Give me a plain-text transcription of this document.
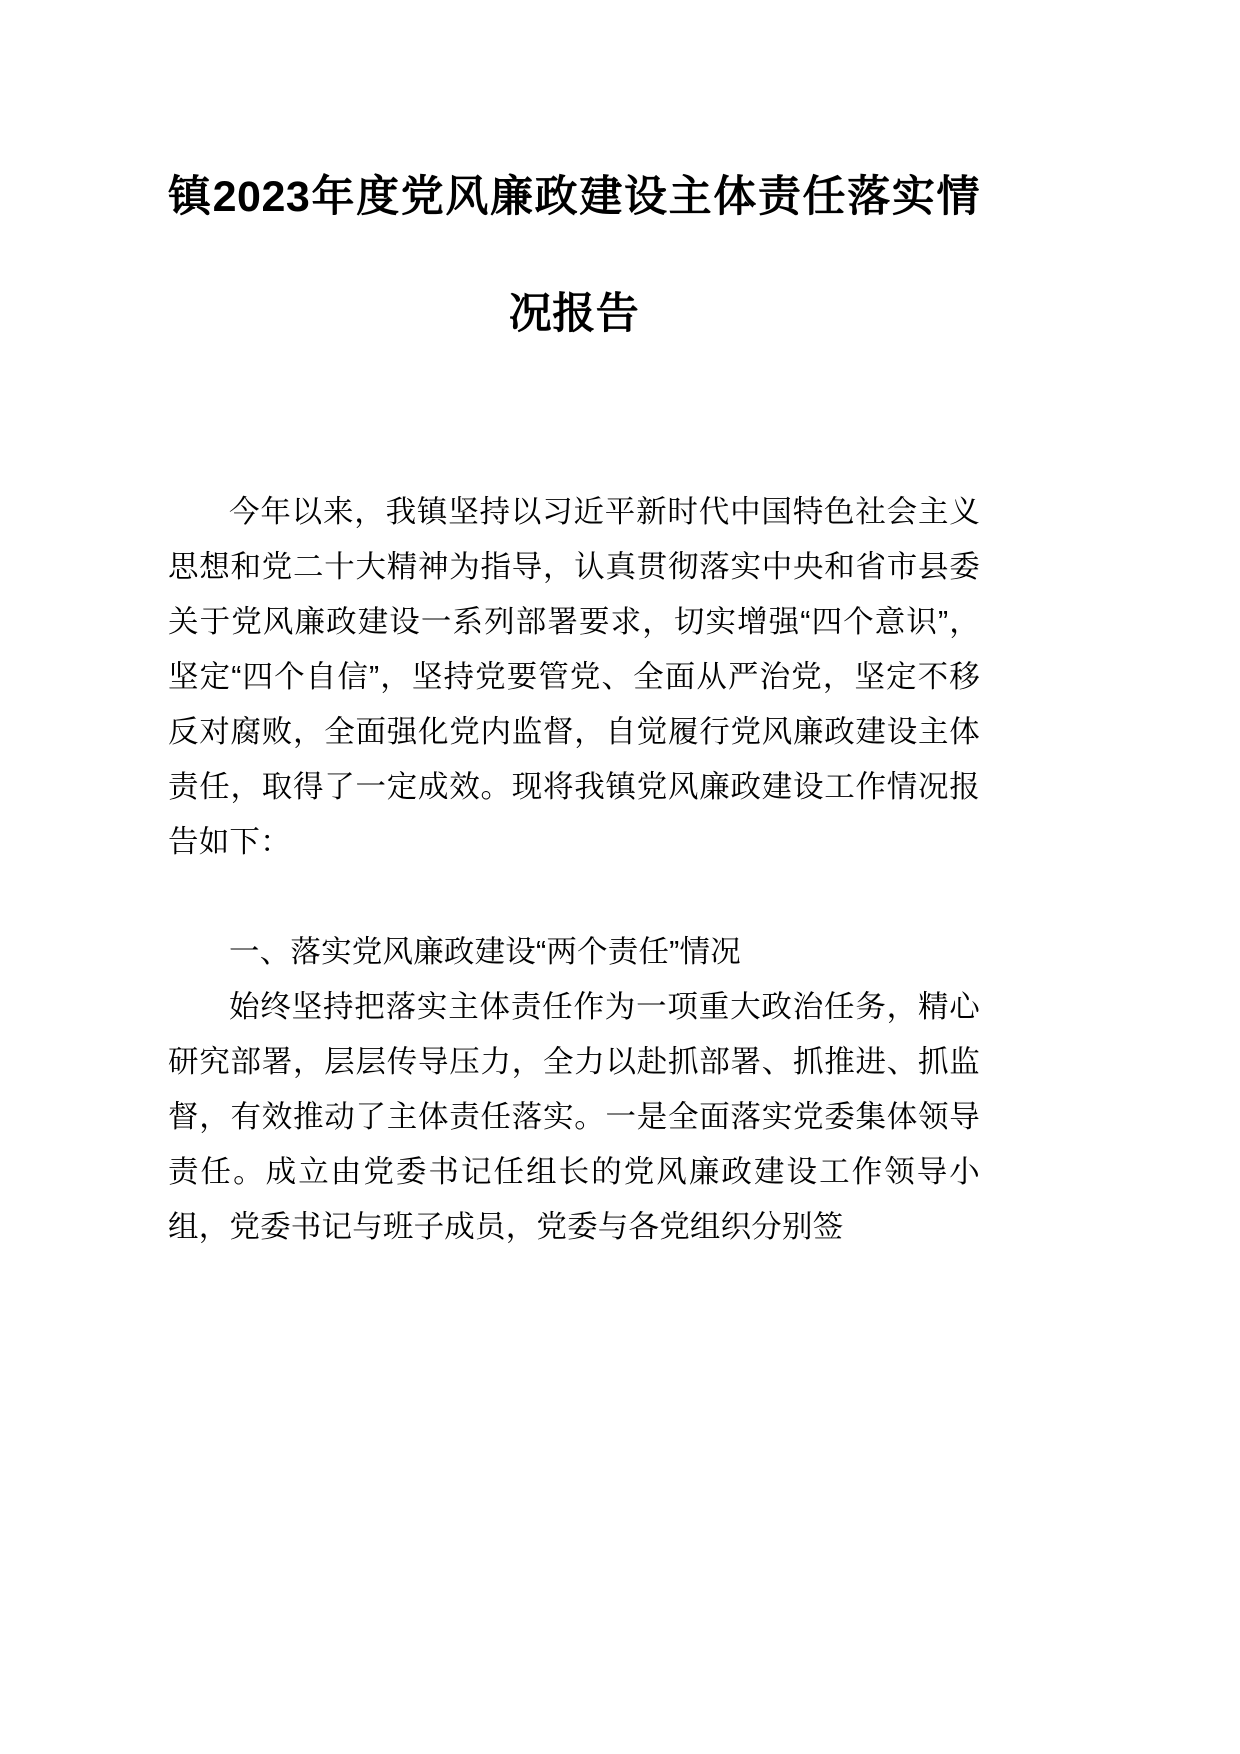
镇2023年度党风廉政建设主体责任落实情
况报告

今年以来，我镇坚持以习近平新时代中国特色社会主义思想和党二十大精神为指导，认真贯彻落实中央和省市县委关于党风廉政建设一系列部署要求，切实增强“四个意识”，坚定“四个自信”，坚持党要管党、全面从严治党，坚定不移反对腐败，全面强化党内监督，自觉履行党风廉政建设主体责任，取得了一定成效。现将我镇党风廉政建设工作情况报告如下：

一、落实党风廉政建设“两个责任”情况

始终坚持把落实主体责任作为一项重大政治任务，精心研究部署，层层传导压力，全力以赴抓部署、抓推进、抓监督，有效推动了主体责任落实。一是全面落实党委集体领导责任。成立由党委书记任组长的党风廉政建设工作领导小组，党委书记与班子成员，党委与各党组织分别签
